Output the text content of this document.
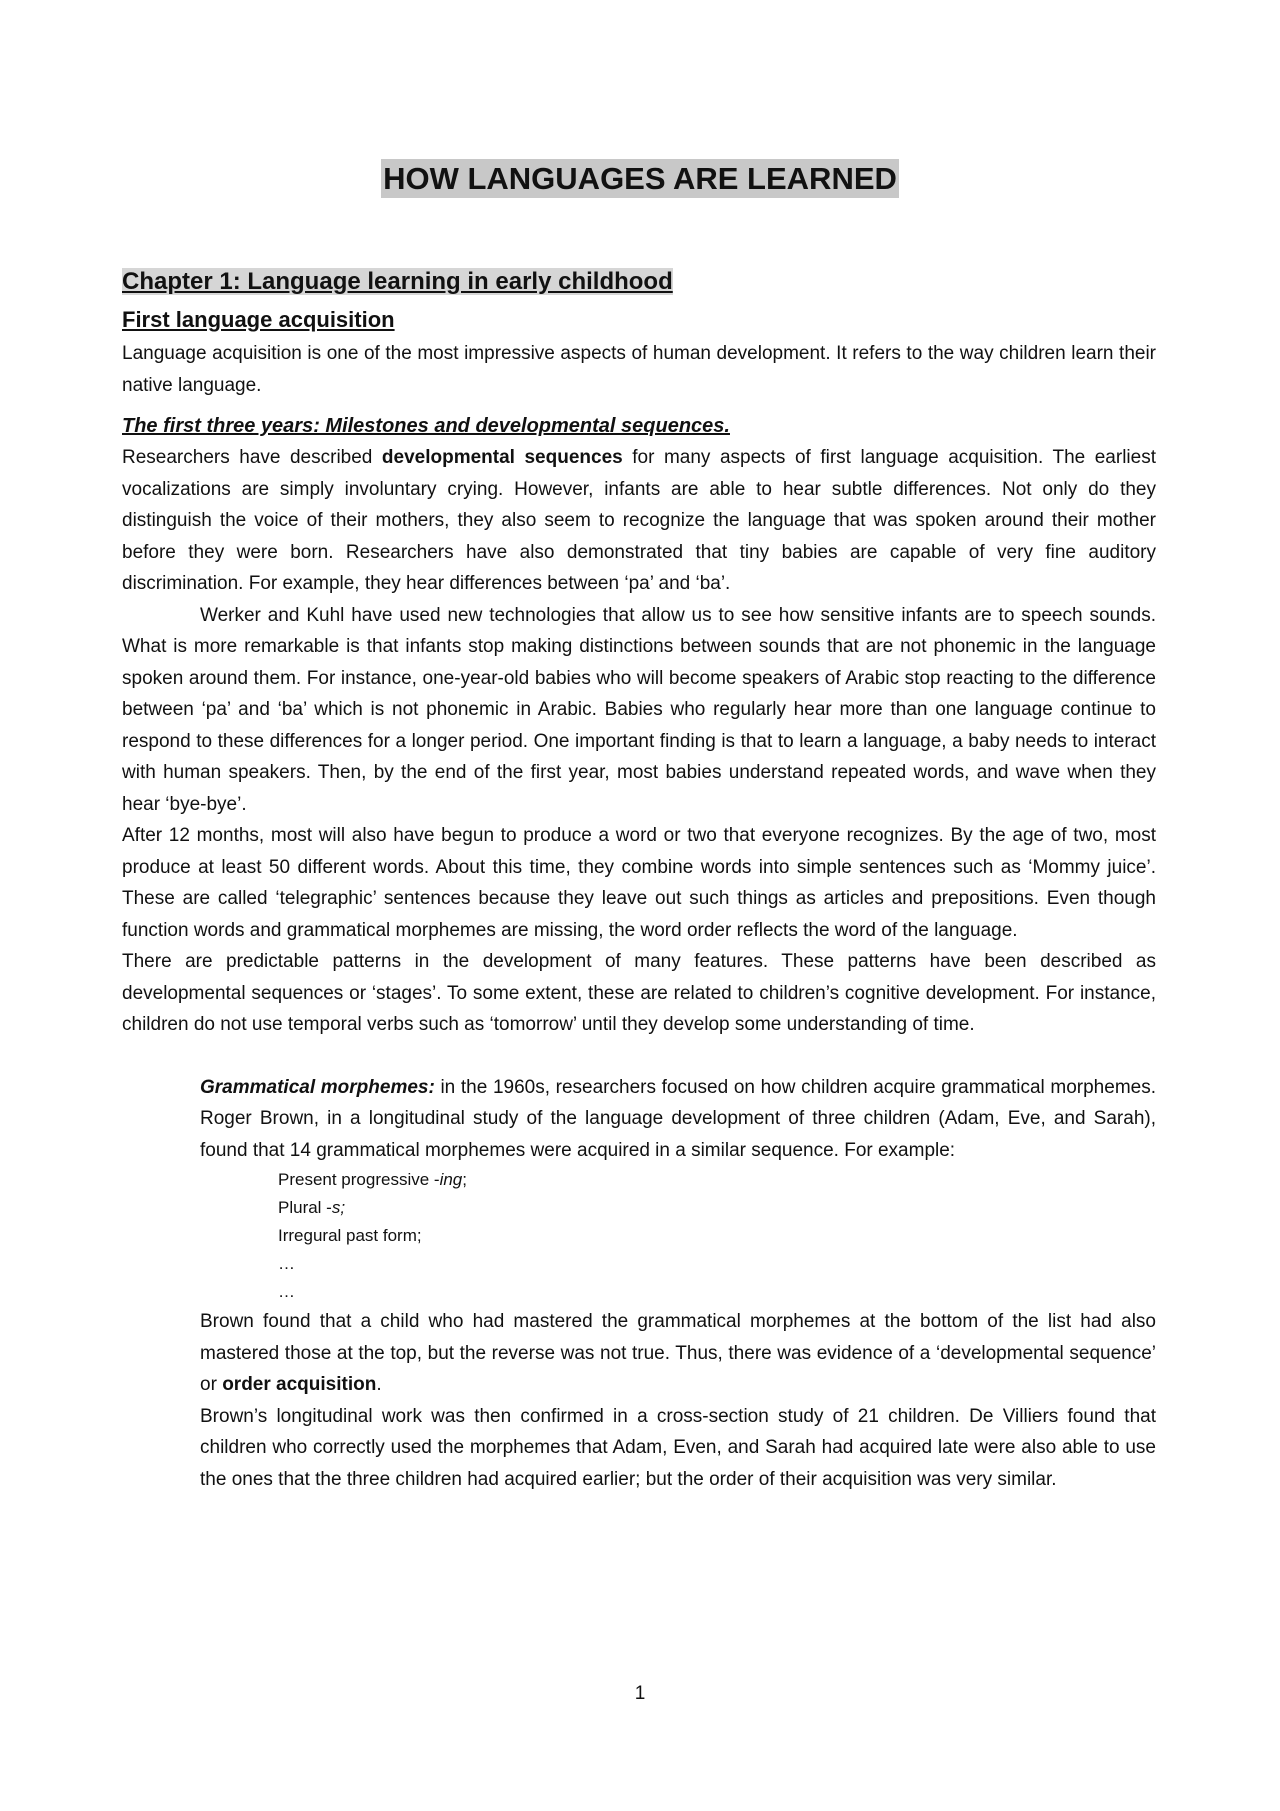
HOW LANGUAGES ARE LEARNED
Chapter 1: Language learning in early childhood
First language acquisition

Language acquisition is one of the most impressive aspects of human development. It refers to the way children learn their native language.

The first three years: Milestones and developmental sequences.

Researchers have described developmental sequences for many aspects of first language acquisition. The earliest vocalizations are simply involuntary crying. However, infants are able to hear subtle differences. Not only do they distinguish the voice of their mothers, they also seem to recognize the language that was spoken around their mother before they were born. Researchers have also demonstrated that tiny babies are capable of very fine auditory discrimination. For example, they hear differences between ‘pa’ and ‘ba’.

Werker and Kuhl have used new technologies that allow us to see how sensitive infants are to speech sounds. What is more remarkable is that infants stop making distinctions between sounds that are not phonemic in the language spoken around them. For instance, one-year-old babies who will become speakers of Arabic stop reacting to the difference between ‘pa’ and ‘ba’ which is not phonemic in Arabic. Babies who regularly hear more than one language continue to respond to these differences for a longer period. One important finding is that to learn a language, a baby needs to interact with human speakers. Then, by the end of the first year, most babies understand repeated words, and wave when they hear ‘bye-bye’.

After 12 months, most will also have begun to produce a word or two that everyone recognizes. By the age of two, most produce at least 50 different words. About this time, they combine words into simple sentences such as ‘Mommy juice’. These are called ‘telegraphic’ sentences because they leave out such things as articles and prepositions. Even though function words and grammatical morphemes are missing, the word order reflects the word of the language.

There are predictable patterns in the development of many features. These patterns have been described as developmental sequences or ‘stages’. To some extent, these are related to children’s cognitive development. For instance, children do not use temporal verbs such as ‘tomorrow’ until they develop some understanding of time.

Grammatical morphemes: in the 1960s, researchers focused on how children acquire grammatical morphemes. Roger Brown, in a longitudinal study of the language development of three children (Adam, Eve, and Sarah), found that 14 grammatical morphemes were acquired in a similar sequence. For example:

Present progressive -ing;
Plural -s;
Irregural past form;
…
…

Brown found that a child who had mastered the grammatical morphemes at the bottom of the list had also mastered those at the top, but the reverse was not true. Thus, there was evidence of a ‘developmental sequence’ or order acquisition.

Brown’s longitudinal work was then confirmed in a cross-section study of 21 children. De Villiers found that children who correctly used the morphemes that Adam, Even, and Sarah had acquired late were also able to use the ones that the three children had acquired earlier; but the order of their acquisition was very similar.

1
